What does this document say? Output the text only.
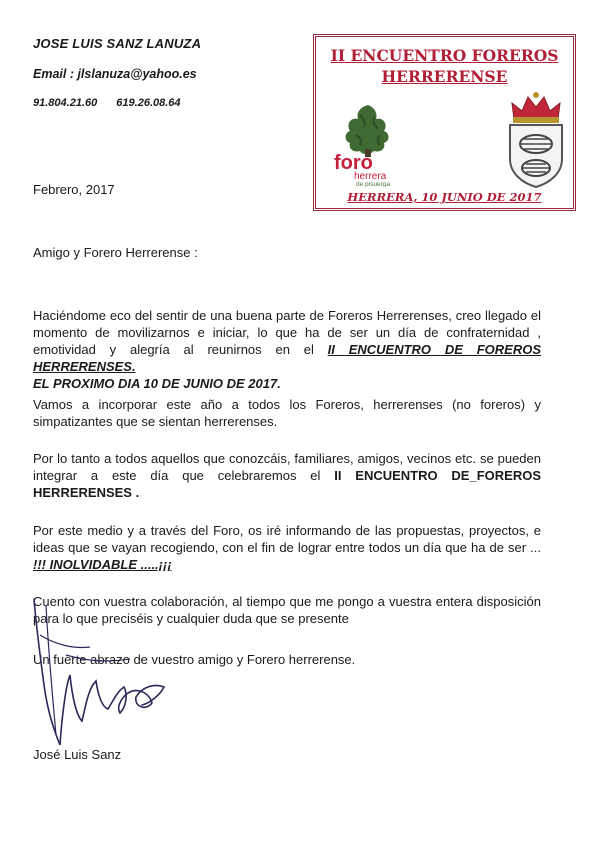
JOSE LUIS SANZ LANUZA
Email : jlslanuza@yahoo.es
91.804.21.60 619.26.08.64
II ENCUENTRO FOREROS
HERRERENSE
foro
herrera
de pisuerga
HERRERA, 10 JUNIO DE 2017
Febrero, 2017
Amigo y Forero Herrerense :
Haciéndome eco del sentir de una buena parte de Foreros Herrerenses, creo llegado el momento de movilizarnos e iniciar, lo que ha de ser un día de confraternidad , emotividad y alegría al reunirnos en el II ENCUENTRO DE FOREROS HERRERENSES.
EL PROXIMO DIA 10 DE JUNIO DE 2017.
Vamos a incorporar este año a todos los Foreros, herrerenses (no foreros) y simpatizantes que se sientan herrerenses.
Por lo tanto a todos aquellos que conozcáis, familiares, amigos, vecinos etc. se pueden integrar a este día que celebraremos el II ENCUENTRO DE_FOREROS HERRERENSES .
Por este medio y a través del Foro, os iré informando de las propuestas, proyectos, e ideas que se vayan recogiendo, con el fin de lograr entre todos un día que ha de ser ... !!! INOLVIDABLE .....¡¡¡
Cuento con vuestra colaboración, al tiempo que me pongo a vuestra entera disposición para lo que preciséis y cualquier duda que se presente
Un fuerte abrazo de vuestro amigo y Forero herrerense.
José Luis Sanz
